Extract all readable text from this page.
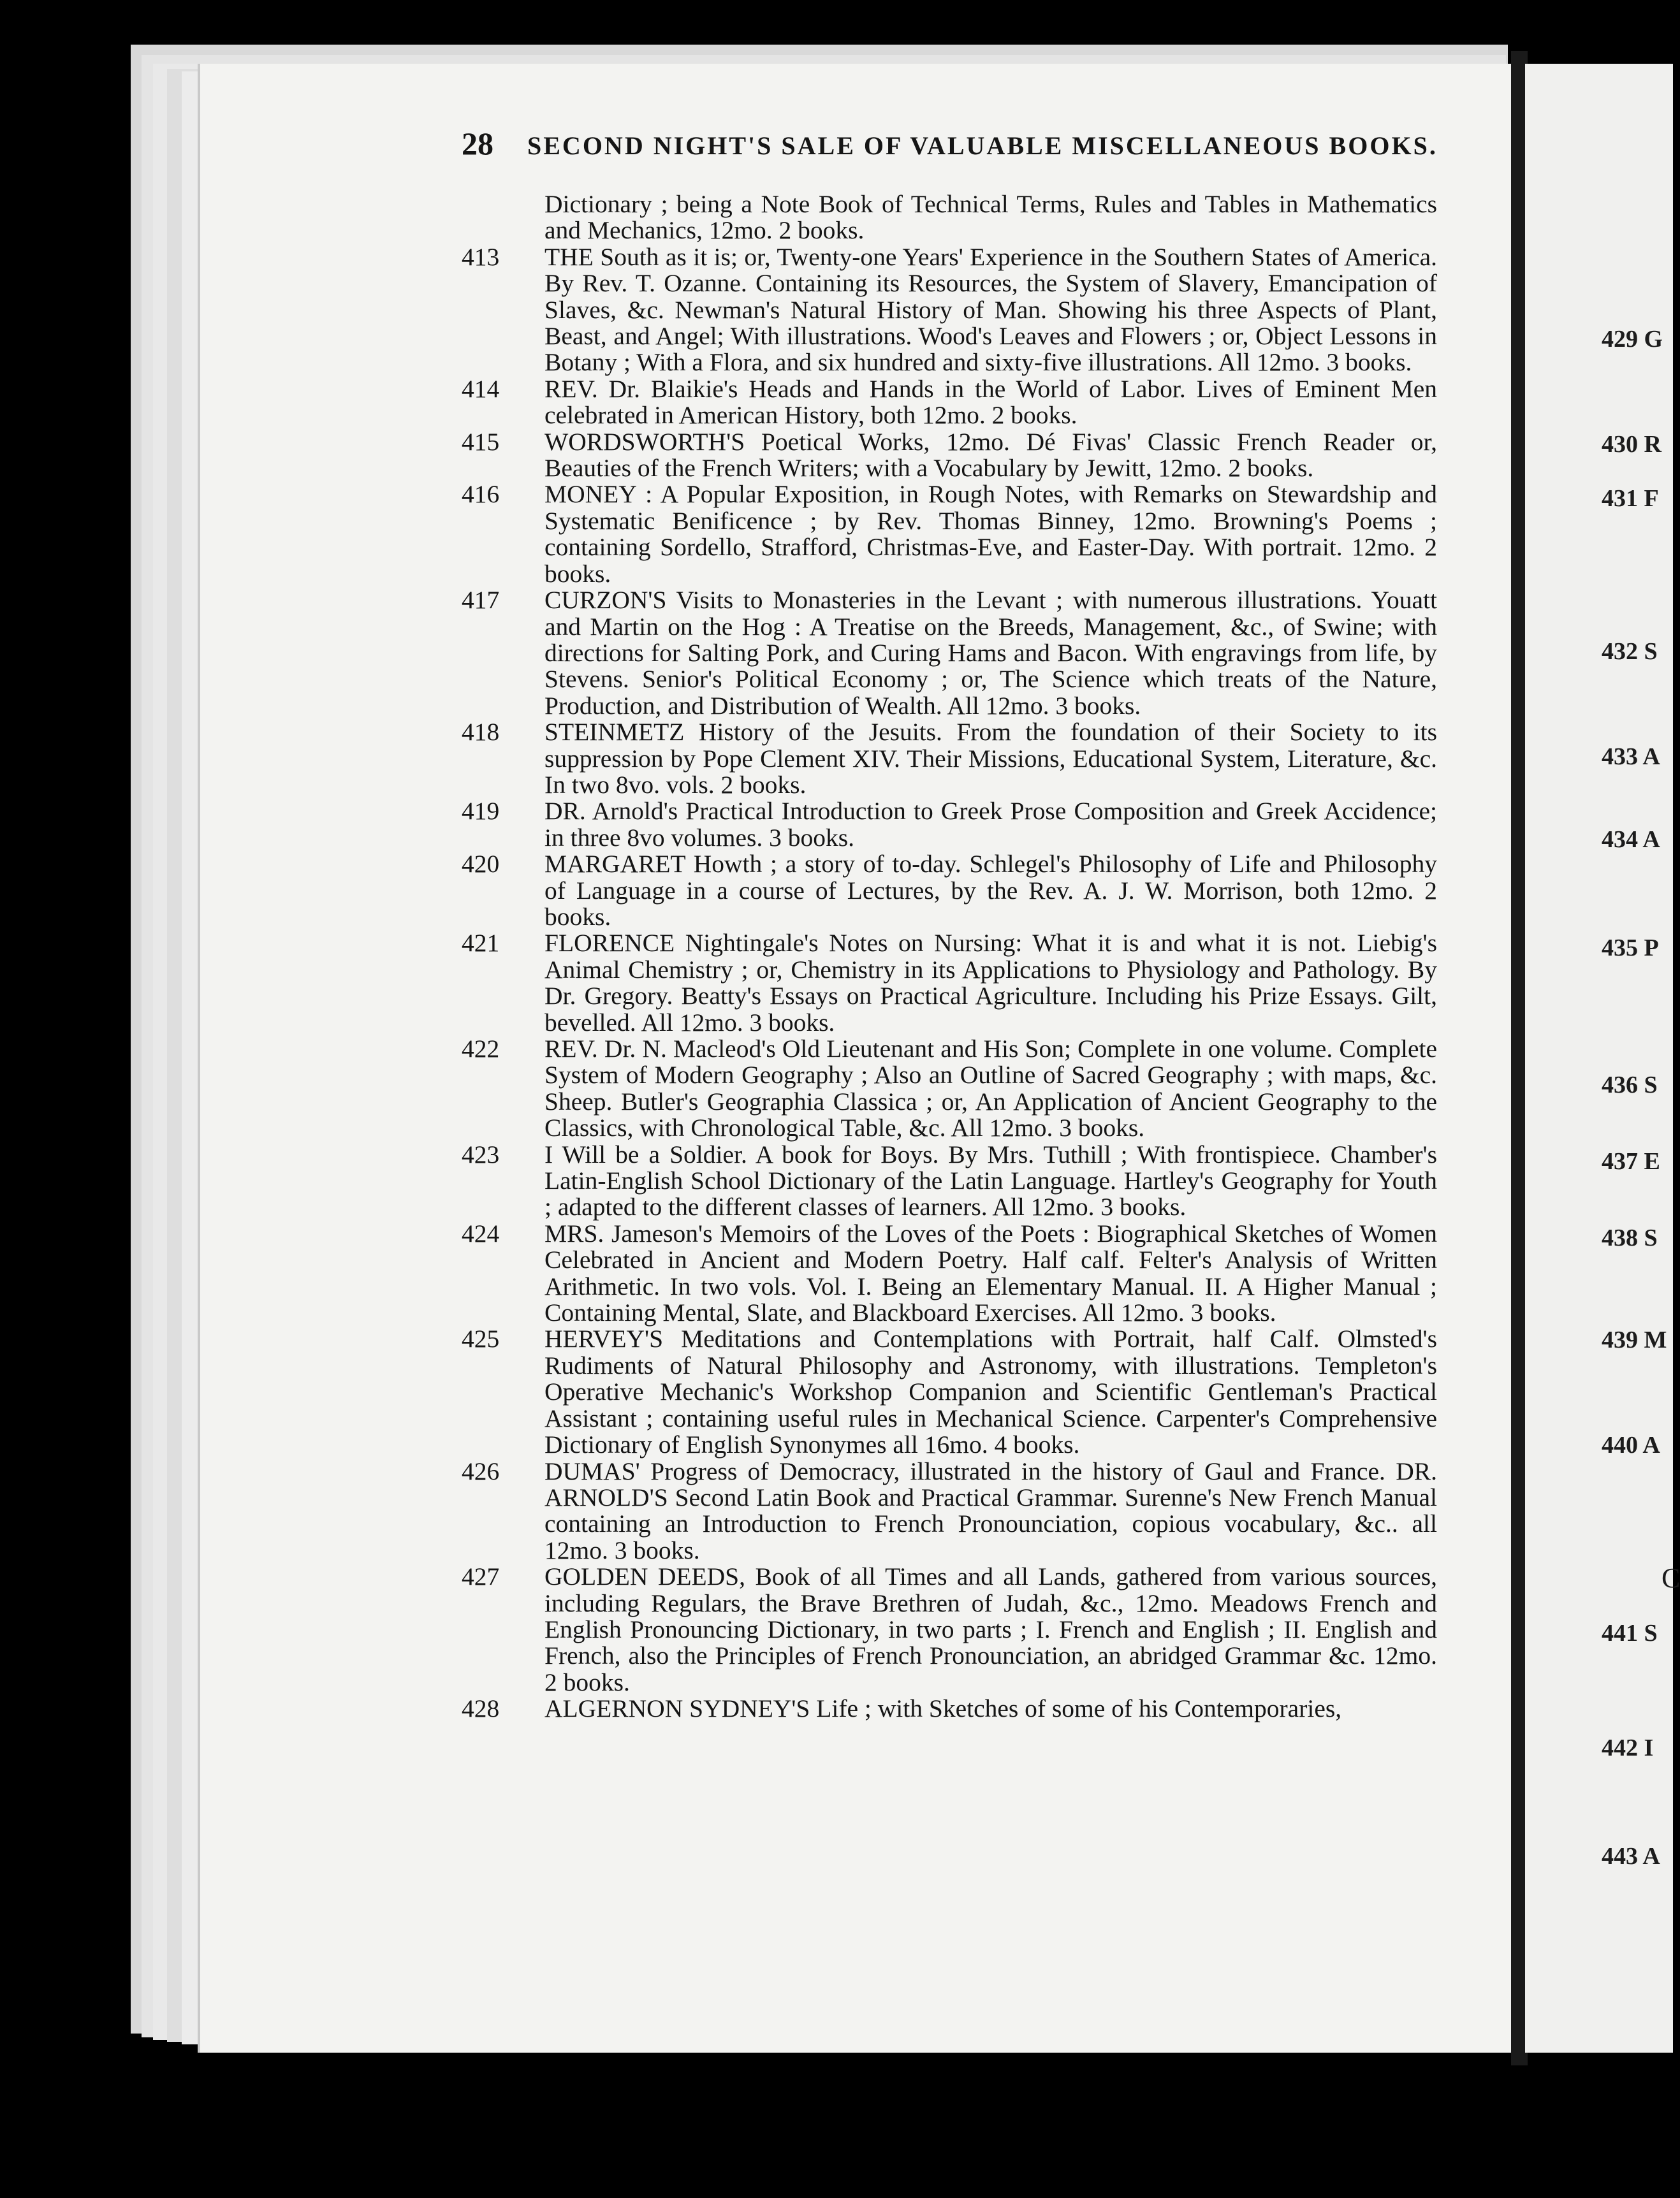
28 SECOND NIGHT'S SALE OF VALUABLE MISCELLANEOUS BOOKS.
Dictionary ; being a Note Book of Technical Terms, Rules and Tables in Mathematics and Mechanics, 12mo. 2 books.
413	THE South as it is; or, Twenty-one Years' Experience in the Southern States of America. By Rev. T. Ozanne. Containing its Resources, the System of Slavery, Emancipation of Slaves, &c. Newman's Natural History of Man. Showing his three Aspects of Plant, Beast, and Angel; With illustrations. Wood's Leaves and Flowers ; or, Object Lessons in Botany ; With a Flora, and six hundred and sixty-five illustrations. All 12mo. 3 books.
414	REV. Dr. Blaikie's Heads and Hands in the World of Labor. Lives of Eminent Men celebrated in American History, both 12mo. 2 books.
415	WORDSWORTH'S Poetical Works, 12mo. Dé Fivas' Classic French Reader or, Beauties of the French Writers; with a Vocabulary by Jewitt, 12mo. 2 books.
416	MONEY : A Popular Exposition, in Rough Notes, with Remarks on Stewardship and Systematic Benificence ; by Rev. Thomas Binney, 12mo. Browning's Poems ; containing Sordello, Strafford, Christmas-Eve, and Easter-Day. With portrait. 12mo. 2 books.
417	CURZON'S Visits to Monasteries in the Levant ; with numerous illustrations. Youatt and Martin on the Hog : A Treatise on the Breeds, Management, &c., of Swine; with directions for Salting Pork, and Curing Hams and Bacon. With engravings from life, by Stevens. Senior's Political Economy ; or, The Science which treats of the Nature, Production, and Distribution of Wealth. All 12mo. 3 books.
418	STEINMETZ History of the Jesuits. From the foundation of their Society to its suppression by Pope Clement XIV. Their Missions, Educational System, Literature, &c. In two 8vo. vols. 2 books.
419	DR. Arnold's Practical Introduction to Greek Prose Composition and Greek Accidence; in three 8vo volumes. 3 books.
420	MARGARET Howth ; a story of to-day. Schlegel's Philosophy of Life and Philosophy of Language in a course of Lectures, by the Rev. A. J. W. Morrison, both 12mo. 2 books.
421	FLORENCE Nightingale's Notes on Nursing: What it is and what it is not. Liebig's Animal Chemistry ; or, Chemistry in its Applications to Physiology and Pathology. By Dr. Gregory. Beatty's Essays on Practical Agriculture. Including his Prize Essays. Gilt, bevelled. All 12mo. 3 books.
422	REV. Dr. N. Macleod's Old Lieutenant and His Son; Complete in one volume. Complete System of Modern Geography ; Also an Outline of Sacred Geography ; with maps, &c. Sheep. Butler's Geographia Classica ; or, An Application of Ancient Geography to the Classics, with Chronological Table, &c. All 12mo. 3 books.
423	I Will be a Soldier. A book for Boys. By Mrs. Tuthill ; With frontispiece. Chamber's Latin-English School Dictionary of the Latin Language. Hartley's Geography for Youth ; adapted to the different classes of learners. All 12mo. 3 books.
424	MRS. Jameson's Memoirs of the Loves of the Poets : Biographical Sketches of Women Celebrated in Ancient and Modern Poetry. Half calf. Felter's Analysis of Written Arithmetic. In two vols. Vol. I. Being an Elementary Manual. II. A Higher Manual ; Containing Mental, Slate, and Blackboard Exercises. All 12mo. 3 books.
425	HERVEY'S Meditations and Contemplations with Portrait, half Calf. Olmsted's Rudiments of Natural Philosophy and Astronomy, with illustrations. Templeton's Operative Mechanic's Workshop Companion and Scientific Gentleman's Practical Assistant ; containing useful rules in Mechanical Science. Carpenter's Comprehensive Dictionary of English Synonymes all 16mo. 4 books.
426	DUMAS' Progress of Democracy, illustrated in the history of Gaul and France. DR. ARNOLD'S Second Latin Book and Practical Grammar. Surenne's New French Manual containing an Introduction to French Pronounciation, copious vocabulary, &c.. all 12mo. 3 books.
427	GOLDEN DEEDS, Book of all Times and all Lands, gathered from various sources, including Regulars, the Brave Brethren of Judah, &c., 12mo. Meadows French and English Pronouncing Dictionary, in two parts ; I. French and English ; II. English and French, also the Principles of French Pronounciation, an abridged Grammar &c. 12mo. 2 books.
428	ALGERNON SYDNEY'S Life ; with Sketches of some of his Contemporaries,
429 G
430 R
431 F
432 S
433 A
434 A
435 P
436 S
437 E
438 S
439 M
440 A
C
441 S
442 I
443 A
